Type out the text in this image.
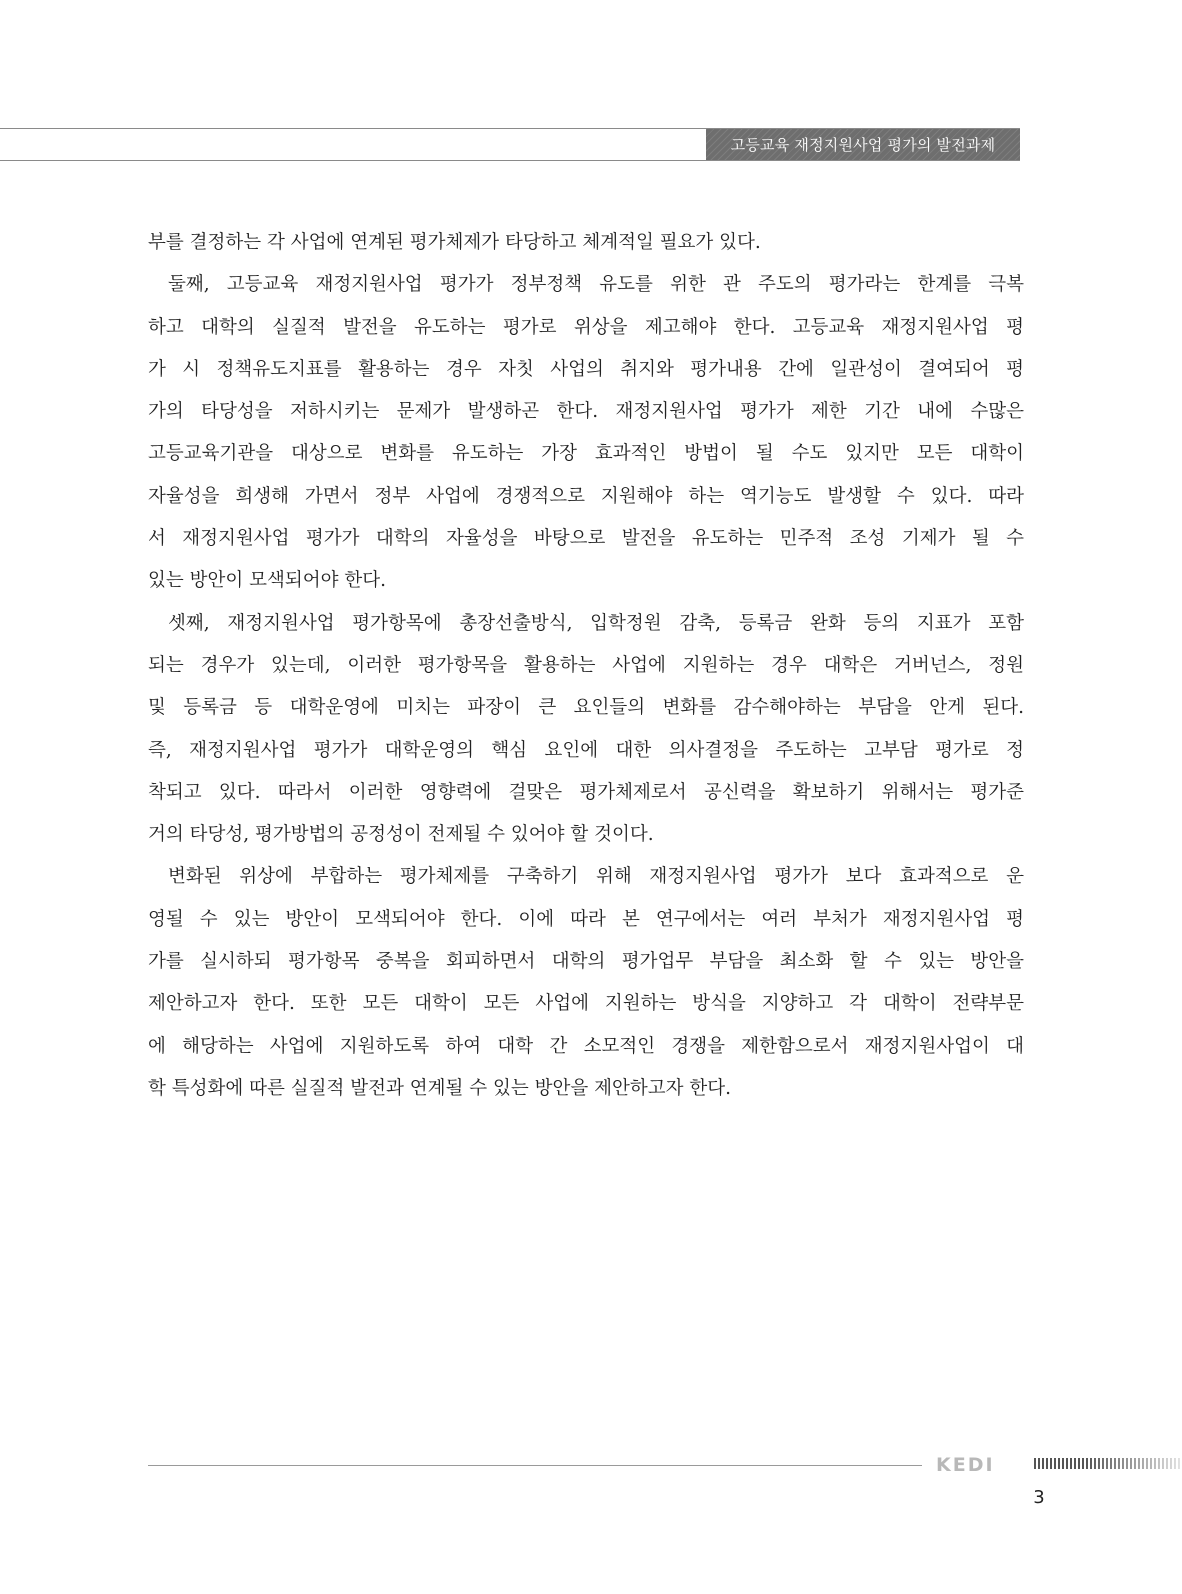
고등교육 재정지원사업 평가의 발전과제
부를 결정하는 각 사업에 연계된 평가체제가 타당하고 체계적일 필요가 있다.
둘째, 고등교육 재정지원사업 평가가 정부정책 유도를 위한 관 주도의 평가라는 한계를 극복
하고 대학의 실질적 발전을 유도하는 평가로 위상을 제고해야 한다. 고등교육 재정지원사업 평
가 시 정책유도지표를 활용하는 경우 자칫 사업의 취지와 평가내용 간에 일관성이 결여되어 평
가의 타당성을 저하시키는 문제가 발생하곤 한다. 재정지원사업 평가가 제한 기간 내에 수많은
고등교육기관을 대상으로 변화를 유도하는 가장 효과적인 방법이 될 수도 있지만 모든 대학이
자율성을 희생해 가면서 정부 사업에 경쟁적으로 지원해야 하는 역기능도 발생할 수 있다. 따라
서 재정지원사업 평가가 대학의 자율성을 바탕으로 발전을 유도하는 민주적 조성 기제가 될 수
있는 방안이 모색되어야 한다.
셋째, 재정지원사업 평가항목에 총장선출방식, 입학정원 감축, 등록금 완화 등의 지표가 포함
되는 경우가 있는데, 이러한 평가항목을 활용하는 사업에 지원하는 경우 대학은 거버넌스, 정원
및 등록금 등 대학운영에 미치는 파장이 큰 요인들의 변화를 감수해야하는 부담을 안게 된다.
즉, 재정지원사업 평가가 대학운영의 핵심 요인에 대한 의사결정을 주도하는 고부담 평가로 정
착되고 있다. 따라서 이러한 영향력에 걸맞은 평가체제로서 공신력을 확보하기 위해서는 평가준
거의 타당성, 평가방법의 공정성이 전제될 수 있어야 할 것이다.
변화된 위상에 부합하는 평가체제를 구축하기 위해 재정지원사업 평가가 보다 효과적으로 운
영될 수 있는 방안이 모색되어야 한다. 이에 따라 본 연구에서는 여러 부처가 재정지원사업 평
가를 실시하되 평가항목 중복을 회피하면서 대학의 평가업무 부담을 최소화 할 수 있는 방안을
제안하고자 한다. 또한 모든 대학이 모든 사업에 지원하는 방식을 지양하고 각 대학이 전략부문
에 해당하는 사업에 지원하도록 하여 대학 간 소모적인 경쟁을 제한함으로서 재정지원사업이 대
학 특성화에 따른 실질적 발전과 연계될 수 있는 방안을 제안하고자 한다.
KEDI
3
